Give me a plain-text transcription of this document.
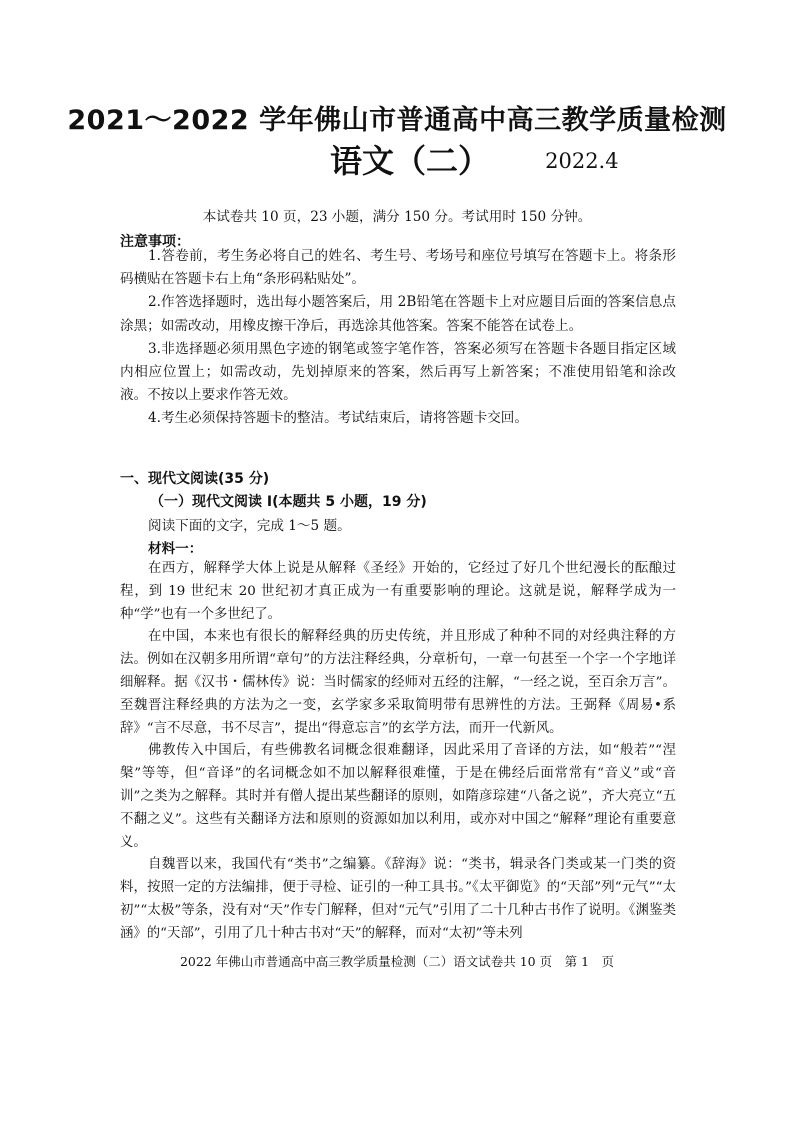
2021～2022 学年佛山市普通高中高三教学质量检测
语文（二）	2022.4
本试卷共 10 页，23 小题，满分 150 分。考试用时 150 分钟。
注意事项：

1.答卷前，考生务必将自己的姓名、考生号、考场号和座位号填写在答题卡上。将条形码横贴在答题卡右上角“条形码粘贴处”。

2.作答选择题时，选出每小题答案后，用 2B铅笔在答题卡上对应题目后面的答案信息点涂黑；如需改动，用橡皮擦干净后，再选涂其他答案。答案不能答在试卷上。

3.非选择题必须用黑色字迹的钢笔或签字笔作答，答案必须写在答题卡各题目指定区域内相应位置上；如需改动，先划掉原来的答案，然后再写上新答案；不准使用铅笔和涂改液。不按以上要求作答无效。

4.考生必须保持答题卡的整洁。考试结束后，请将答题卡交回。

一、现代文阅读(35 分)
（一）现代文阅读 I(本题共 5 小题，19 分)
阅读下面的文字，完成 1～5 题。
材料一：

在西方，解释学大体上说是从解释《圣经》开始的，它经过了好几个世纪漫长的酝酿过程，到 19 世纪末 20 世纪初才真正成为一有重要影响的理论。这就是说，解释学成为一种“学”也有一个多世纪了。

在中国，本来也有很长的解释经典的历史传统，并且形成了种种不同的对经典注释的方法。例如在汉朝多用所谓“章句”的方法注释经典，分章析句，一章一句甚至一个字一个字地详细解释。据《汉书・儒林传》说：当时儒家的经师对五经的注解，“一经之说，至百余万言”。至魏晋注释经典的方法为之一变，玄学家多采取简明带有思辨性的方法。王弼释《周易•系辞》“言不尽意，书不尽言”，提出“得意忘言”的玄学方法，而开一代新风。

佛教传入中国后，有些佛教名词概念很难翻译，因此采用了音译的方法，如“般若”“涅槃”等等，但“音译”的名词概念如不加以解释很难懂，于是在佛经后面常常有“音义”或“音训”之类为之解释。其时并有僧人提出某些翻译的原则，如隋彦琮建“八备之说”，齐大亮立“五不翻之义”。这些有关翻译方法和原则的资源如加以利用，或亦对中国之“解释”理论有重要意义。

自魏晋以来，我国代有“类书”之编纂。《辞海》说：“类书，辑录各门类或某一门类的资料，按照一定的方法编排，便于寻检、证引的一种工具书。”《太平御览》的“天部”列“元气”“太初”“太极”等条，没有对“天”作专门解释，但对“元气”引用了二十几种古书作了说明。《渊鉴类涵》的“天部”，引用了几十种古书对“天”的解释，而对“太初”等未列

2022 年佛山市普通高中高三教学质量检测（二）语文试卷共 10 页　第 1　页
